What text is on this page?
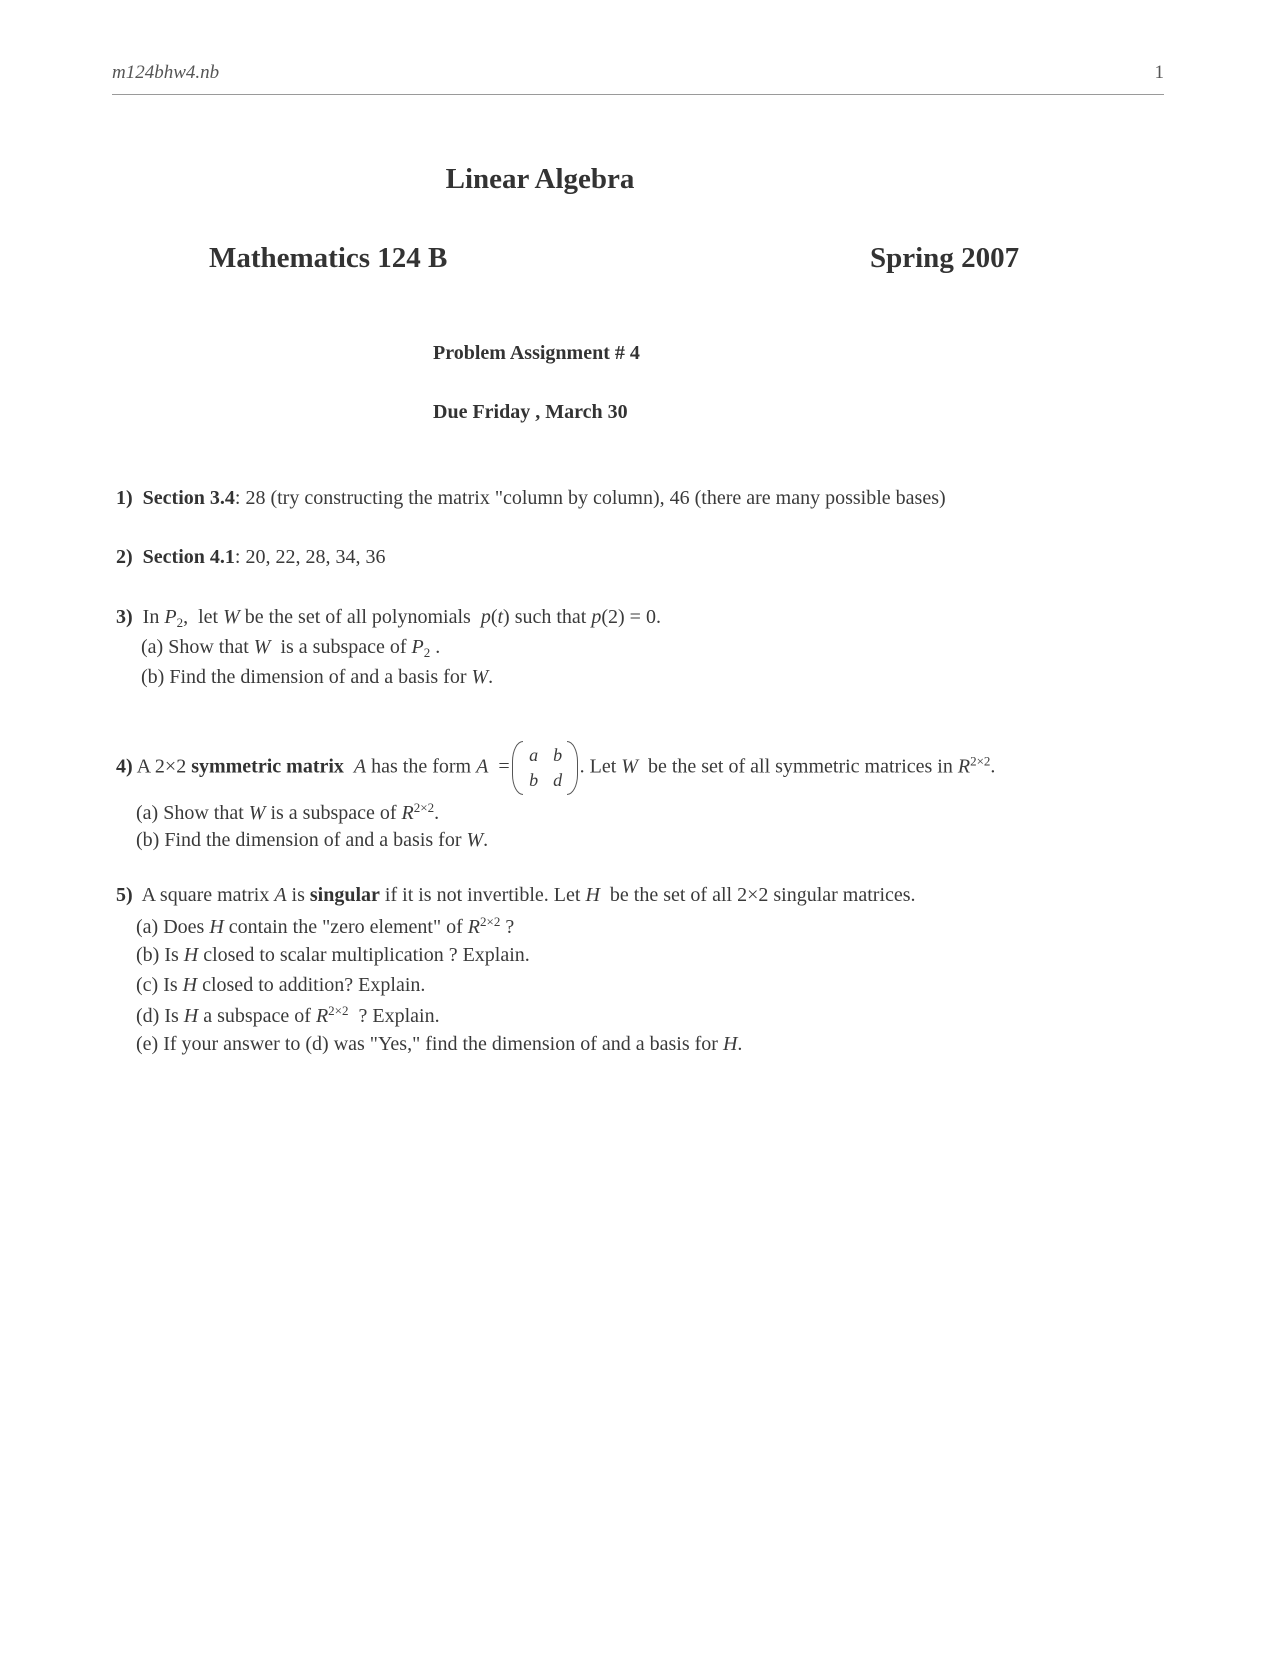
m124bhw4.nb	1
Linear Algebra
Mathematics 124 B	Spring 2007
Problem Assignment # 4
Due Friday , March 30
1) Section 3.4: 28 (try constructing the matrix "column by column), 46 (there are many possible bases)
2) Section 4.1: 20, 22, 28, 34, 36
3)  In $P_2$,  let W be the set of all polynomials  p(t) such that p(2) = 0.
(a) Show that W is a subspace of $P_2$ .
(b) Find the dimension of and a basis for W.
4) A 2×2 symmetric matrix A has the form A  =
a b
b d
. Let W be the set of all symmetric matrices in $R^{2\times 2}$.
(a) Show that W is a subspace of $R^{2\times 2}$.
(b) Find the dimension of and a basis for W.
5) A square matrix A is singular if it is not invertible. Let H be the set of all 2×2 singular matrices.
(a) Does H contain the "zero element" of $R^{2\times 2}$ ?
(b) Is H closed to scalar multiplication ? Explain.
(c) Is H closed to addition? Explain.
(d) Is H a subspace of $R^{2\times 2}$ ? Explain.
(e) If your answer to (d) was "Yes," find the dimension of and a basis for H.
